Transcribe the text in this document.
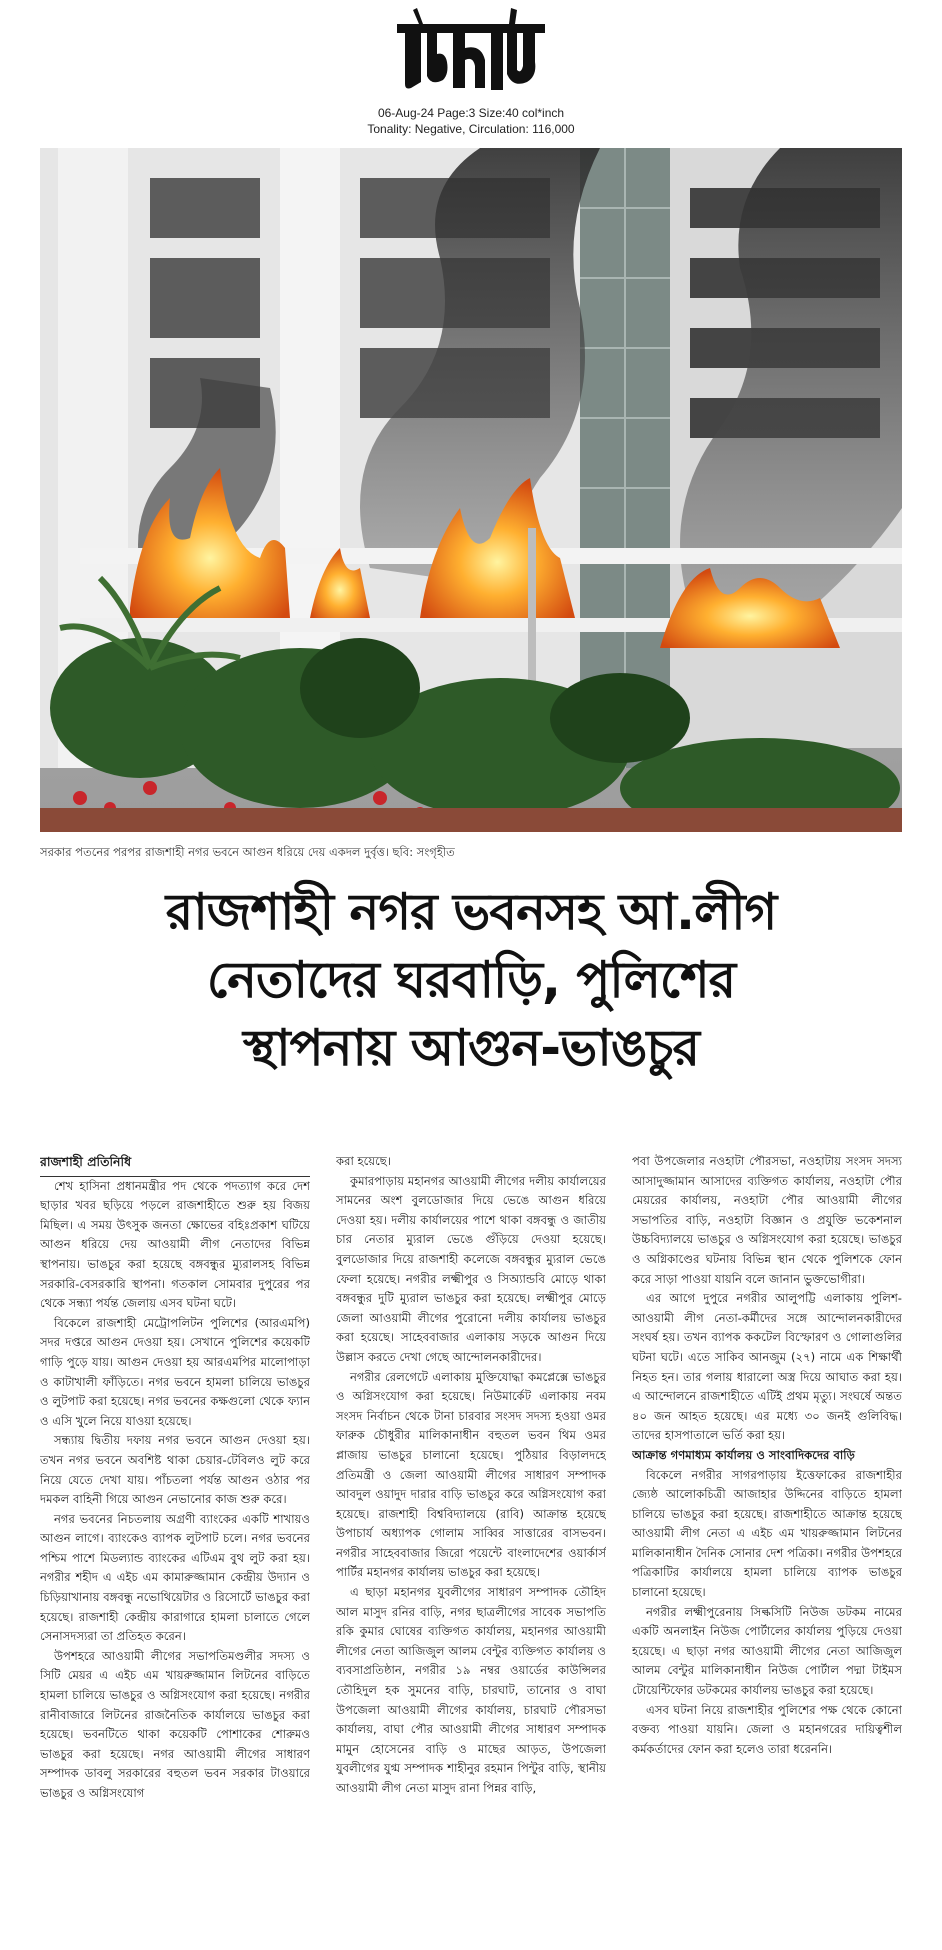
06-Aug-24 Page:3 Size:40 col*inch
Tonality: Negative, Circulation: 116,000
সরকার পতনের পরপর রাজশাহী নগর ভবনে আগুন ধরিয়ে দেয় একদল দুর্বৃত্ত। ছবি: সংগৃহীত
রাজশাহী নগর ভবনসহ আ.লীগ
নেতাদের ঘরবাড়ি, পুলিশের
স্থাপনায় আগুন-ভাঙচুর

রাজশাহী প্রতিনিধি

শেখ হাসিনা প্রধানমন্ত্রীর পদ থেকে পদত্যাগ করে দেশ ছাড়ার খবর ছড়িয়ে পড়লে রাজশাহীতে শুরু হয় বিজয় মিছিল। এ সময় উৎসুক জনতা ক্ষোভের বহিঃপ্রকাশ ঘটিয়ে আগুন ধরিয়ে দেয় আওয়ামী লীগ নেতাদের বিভিন্ন স্থাপনায়। ভাঙচুর করা হয়েছে বঙ্গবন্ধুর ম্যুরালসহ বিভিন্ন সরকারি-বেসরকারি স্থাপনা। গতকাল সোমবার দুপুরের পর থেকে সন্ধ্যা পর্যন্ত জেলায় এসব ঘটনা ঘটে।

বিকেলে রাজশাহী মেট্রোপলিটন পুলিশের (আরএমপি) সদর দপ্তরে আগুন দেওয়া হয়। সেখানে পুলিশের কয়েকটি গাড়ি পুড়ে যায়। আগুন দেওয়া হয় আরএমপির মালোপাড়া ও কাটাখালী ফাঁড়িতে। নগর ভবনে হামলা চালিয়ে ভাঙচুর ও লুটপাট করা হয়েছে। নগর ভবনের কক্ষগুলো থেকে ফ্যান ও এসি খুলে নিয়ে যাওয়া হয়েছে।

সন্ধ্যায় দ্বিতীয় দফায় নগর ভবনে আগুন দেওয়া হয়। তখন নগর ভবনে অবশিষ্ট থাকা চেয়ার-টেবিলও লুট করে নিয়ে যেতে দেখা যায়। পাঁচতলা পর্যন্ত আগুন ওঠার পর দমকল বাহিনী গিয়ে আগুন নেভানোর কাজ শুরু করে।

নগর ভবনের নিচতলায় অগ্রণী ব্যাংকের একটি শাখায়ও আগুন লাগে। ব্যাংকেও ব্যাপক লুটপাট চলে। নগর ভবনের পশ্চিম পাশে মিডল্যান্ড ব্যাংকের এটিএম বুথ লুট করা হয়। নগরীর শহীদ এ এইচ এম কামারুজ্জামান কেন্দ্রীয় উদ্যান ও চিড়িয়াখানায় বঙ্গবন্ধু নভোথিয়েটার ও রিসোর্টে ভাঙচুর করা হয়েছে। রাজশাহী কেন্দ্রীয় কারাগারে হামলা চালাতে গেলে সেনাসদস্যরা তা প্রতিহত করেন।

উপশহরে আওয়ামী লীগের সভাপতিমণ্ডলীর সদস্য ও সিটি মেয়র এ এইচ এম খায়রুজ্জামান লিটনের বাড়িতে হামলা চালিয়ে ভাঙচুর ও অগ্নিসংযোগ করা হয়েছে। নগরীর রানীবাজারে লিটনের রাজনৈতিক কার্যালয়ে ভাঙচুর করা হয়েছে। ভবনটিতে থাকা কয়েকটি পোশাকের শোরুমও ভাঙচুর করা হয়েছে। নগর আওয়ামী লীগের সাধারণ সম্পাদক ডাবলু সরকারের বহুতল ভবন সরকার টাওয়ারে ভাঙচুর ও অগ্নিসংযোগ

করা হয়েছে।

কুমারপাড়ায় মহানগর আওয়ামী লীগের দলীয় কার্যালয়ের সামনের অংশ বুলডোজার দিয়ে ভেঙে আগুন ধরিয়ে দেওয়া হয়। দলীয় কার্যালয়ের পাশে থাকা বঙ্গবন্ধু ও জাতীয় চার নেতার ম্যুরাল ভেঙে গুঁড়িয়ে দেওয়া হয়েছে। বুলডোজার দিয়ে রাজশাহী কলেজে বঙ্গবন্ধুর ম্যুরাল ভেঙে ফেলা হয়েছে। নগরীর লক্ষ্মীপুর ও সিঅ্যান্ডবি মোড়ে থাকা বঙ্গবন্ধুর দুটি ম্যুরাল ভাঙচুর করা হয়েছে। লক্ষ্মীপুর মোড়ে জেলা আওয়ামী লীগের পুরোনো দলীয় কার্যালয় ভাঙচুর করা হয়েছে। সাহেববাজার এলাকায় সড়কে আগুন দিয়ে উল্লাস করতে দেখা গেছে আন্দোলনকারীদের।

নগরীর রেলগেটে এলাকায় মুক্তিযোদ্ধা কমপ্লেক্সে ভাঙচুর ও অগ্নিসংযোগ করা হয়েছে। নিউমার্কেট এলাকায় নবম সংসদ নির্বাচন থেকে টানা চারবার সংসদ সদস্য হওয়া ওমর ফারুক চৌধুরীর মালিকানাধীন বহুতল ভবন থিম ওমর প্লাজায় ভাঙচুর চালানো হয়েছে। পুঠিয়ার বিড়ালদহে প্রতিমন্ত্রী ও জেলা আওয়ামী লীগের সাধারণ সম্পাদক আবদুল ওয়াদুদ দারার বাড়ি ভাঙচুর করে অগ্নিসংযোগ করা হয়েছে। রাজশাহী বিশ্ববিদ্যালয়ে (রাবি) আক্রান্ত হয়েছে উপাচার্য অধ্যাপক গোলাম সাব্বির সাত্তারের বাসভবন। নগরীর সাহেববাজার জিরো পয়েন্টে বাংলাদেশের ওয়ার্কার্স পার্টির মহানগর কার্যালয় ভাঙচুর করা হয়েছে।

এ ছাড়া মহানগর যুবলীগের সাধারণ সম্পাদক তৌহিদ আল মাসুদ রনির বাড়ি, নগর ছাত্রলীগের সাবেক সভাপতি রকি কুমার ঘোষের ব্যক্তিগত কার্যালয়, মহানগর আওয়ামী লীগের নেতা আজিজুল আলম বেন্টুর ব্যক্তিগত কার্যালয় ও ব্যবসাপ্রতিষ্ঠান, নগরীর ১৯ নম্বর ওয়ার্ডের কাউন্সিলর তৌহিদুল হক সুমনের বাড়ি, চারঘাট, তানোর ও বাঘা উপজেলা আওয়ামী লীগের কার্যালয়, চারঘাট পৌরসভা কার্যালয়, বাঘা পৌর আওয়ামী লীগের সাধারণ সম্পাদক মামুন হোসেনের বাড়ি ও মাছের আড়ত, উপজেলা যুবলীগের যুগ্ম সম্পাদক শাহীনুর রহমান পিন্টুর বাড়ি, স্থানীয় আওয়ামী লীগ নেতা মাসুদ রানা পিন্নর বাড়ি,

পবা উপজেলার নওহাটা পৌরসভা, নওহাটায় সংসদ সদস্য আসাদুজ্জামান আসাদের ব্যক্তিগত কার্যালয়, নওহাটা পৌর মেয়রের কার্যালয়, নওহাটা পৌর আওয়ামী লীগের সভাপতির বাড়ি, নওহাটা বিজ্ঞান ও প্রযুক্তি ভকেশনাল উচ্চবিদ্যালয়ে ভাঙচুর ও অগ্নিসংযোগ করা হয়েছে। ভাঙচুর ও অগ্নিকাণ্ডের ঘটনায় বিভিন্ন স্থান থেকে পুলিশকে ফোন করে সাড়া পাওয়া যায়নি বলে জানান ভুক্তভোগীরা।

এর আগে দুপুরে নগরীর আলুপট্টি এলাকায় পুলিশ-আওয়ামী লীগ নেতা-কর্মীদের সঙ্গে আন্দোলনকারীদের সংঘর্ষ হয়। তখন ব্যাপক ককটেল বিস্ফোরণ ও গোলাগুলির ঘটনা ঘটে। এতে সাকিব আনজুম (২৭) নামে এক শিক্ষার্থী নিহত হন। তার গলায় ধারালো অস্ত্র দিয়ে আঘাত করা হয়। এ আন্দোলনে রাজশাহীতে এটিই প্রথম মৃত্যু। সংঘর্ষে অন্তত ৪০ জন আহত হয়েছে। এর মধ্যে ৩০ জনই গুলিবিদ্ধ। তাদের হাসপাতালে ভর্তি করা হয়।

আক্রান্ত গণমাধ্যম কার্যালয় ও সাংবাদিকদের বাড়ি

বিকেলে নগরীর সাগরপাড়ায় ইত্তেফাকের রাজশাহীর জ্যেষ্ঠ আলোকচিত্রী আজাহার উদ্দিনের বাড়িতে হামলা চালিয়ে ভাঙচুর করা হয়েছে। রাজশাহীতে আক্রান্ত হয়েছে আওয়ামী লীগ নেতা এ এইচ এম খায়রুজ্জামান লিটনের মালিকানাধীন দৈনিক সোনার দেশ পত্রিকা। নগরীর উপশহরে পত্রিকাটির কার্যালয়ে হামলা চালিয়ে ব্যাপক ভাঙচুর চালানো হয়েছে।

নগরীর লক্ষ্মীপুরেনায় সিল্কসিটি নিউজ ডটকম নামের একটি অনলাইন নিউজ পোর্টালের কার্যালয় পুড়িয়ে দেওয়া হয়েছে। এ ছাড়া নগর আওয়ামী লীগের নেতা আজিজুল আলম বেন্টুর মালিকানাধীন নিউজ পোর্টাল পদ্মা টাইমস টোয়েন্টিফোর ডটকমের কার্যালয় ভাঙচুর করা হয়েছে।

এসব ঘটনা নিয়ে রাজশাহীর পুলিশের পক্ষ থেকে কোনো বক্তব্য পাওয়া যায়নি। জেলা ও মহানগরের দায়িত্বশীল কর্মকর্তাদের ফোন করা হলেও তারা ধরেননি।
